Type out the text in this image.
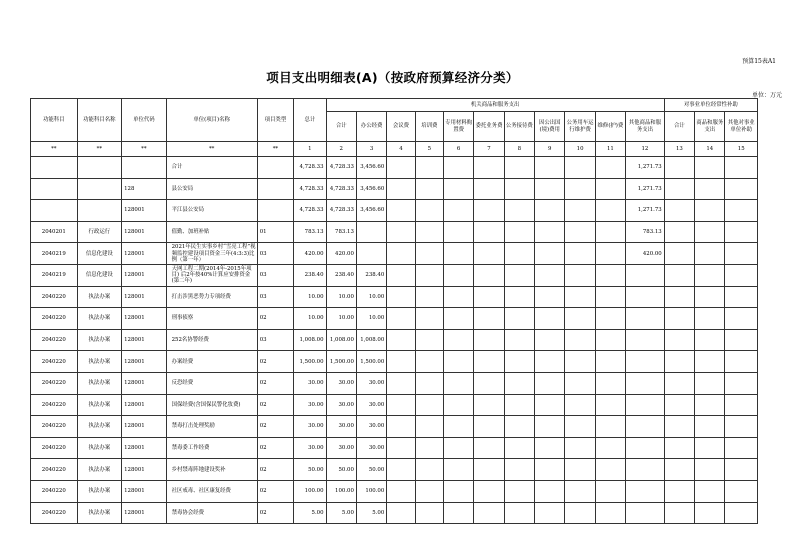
预算15表A1
项目支出明细表(A)（按政府预算经济分类）
单位：万元
功能科目	功能科目名称	单位代码	单位(项目)名称	项目类型	总计	机关商品和服务支出											对事业单位经常性补助		
						合计	办公经费	会议费	培训费	专用材料购置费	委托业务费	公务接待费	因公出国(境)费用	公务用车运行维护费	维修(护)费	其他商品和服务支出	合计	商品和服务支出	其他对事业单位补助
**	**	**	**	**	1	2	3	4	5	6	7	8	9	10	11	12	13	14	15
			合计		4,728.33	4,728.33	3,456.60									1,271.73			
		128	县公安局		4,728.33	4,728.33	3,456.60									1,271.73			
		128001	平江县公安局		4,728.33	4,728.33	3,456.60									1,271.73			
2040201	行政运行	128001	值勤、加班补贴	01	783.13	783.13										783.13			
2040219	信息化建设	128001	2021年民生实事乡村“雪亮工程”视频监控建设项目资金三年(4:3:3)比例（第一年）	03	420.00	420.00										420.00			
2040219	信息化建设	128001	天网工程二期(2014年-2015年项目) 后2年按40%计算应安排资金(第二年)	03	238.40	238.40	238.40												
2040220	执法办案	128001	打击涉黑恶势力专项经费	03	10.00	10.00	10.00												
2040220	执法办案	128001	刑事侦察	02	10.00	10.00	10.00												
2040220	执法办案	128001	252名协警经费	03	1,008.00	1,008.00	1,008.00												
2040220	执法办案	128001	办案经费	02	1,500.00	1,500.00	1,500.00												
2040220	执法办案	128001	反恐经费	02	30.00	30.00	30.00												
2040220	执法办案	128001	国保经费(含国保民警化妆费)	02	30.00	30.00	30.00												
2040220	执法办案	128001	禁毒打击处理奖励	02	30.00	30.00	30.00												
2040220	执法办案	128001	禁毒委工作经费	02	30.00	30.00	30.00												
2040220	执法办案	128001	乡村禁毒阵地建设奖补	02	50.00	50.00	50.00												
2040220	执法办案	128001	社区戒毒、社区康复经费	02	100.00	100.00	100.00												
2040220	执法办案	128001	禁毒协会经费	02	5.00	5.00	5.00												
